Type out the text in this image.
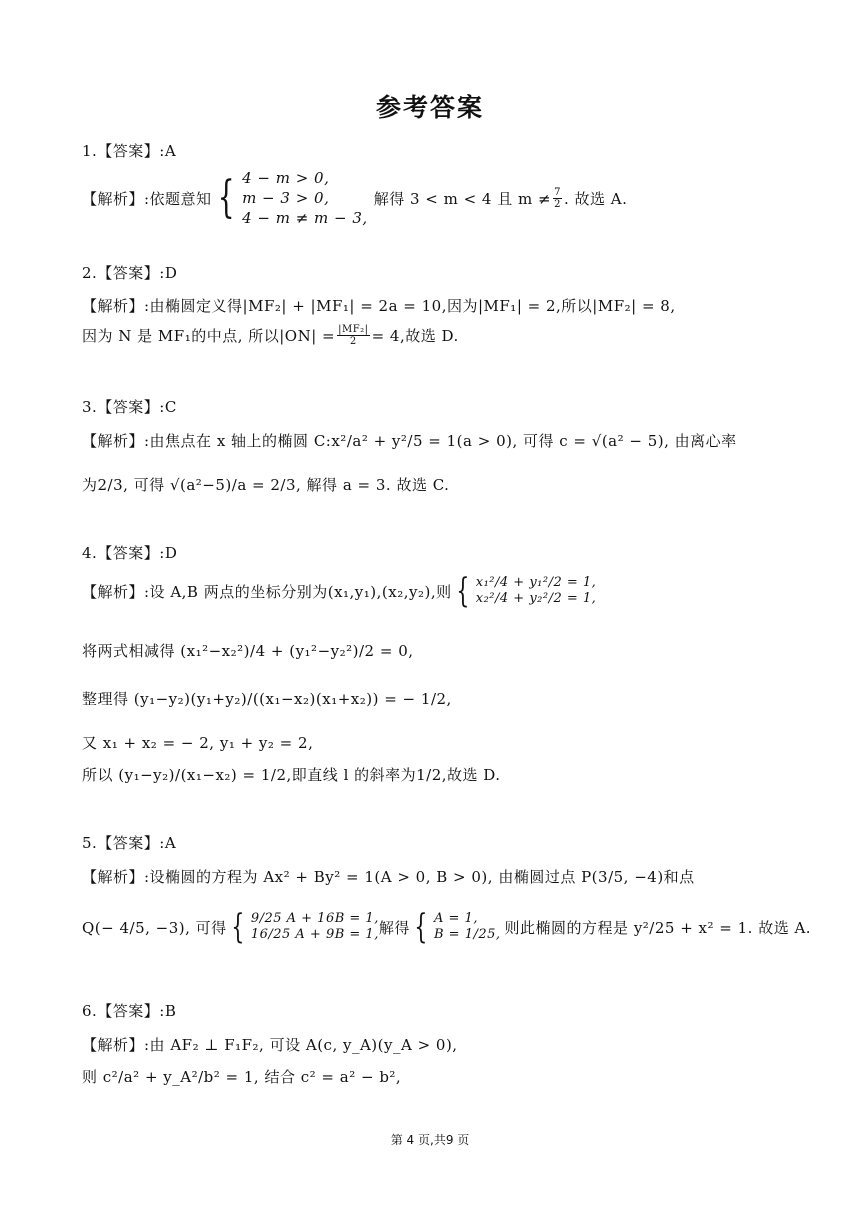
参考答案
1.【答案】:A
【解析】:依题意知 { 4 − m > 0,
m − 3 > 0,
4 − m ≠ m − 3,
解得 3 < m < 4 且 $m \ne \frac{7}{2}$ . 故选 A.
2.【答案】:D
【解析】:由椭圆定义得|MF₂| + |MF₁| = 2a = 10,因为|MF₁| = 2,所以|MF₂| = 8,
因为 N 是 MF₁的中点, 所以$|ON| = \frac{\text{|MF₂|}}{2} = 4$,故选 D.
3.【答案】:C
【解析】:由焦点在 x 轴上的椭圆 C:x²/a² + y²/5 = 1(a > 0), 可得 c = √(a² − 5), 由离心率
为2/3, 可得 √(a²−5)/a = 2/3, 解得 a = 3. 故选 C.
4.【答案】:D
【解析】:设 A,B 两点的坐标分别为(x₁,y₁),(x₂,y₂),则 { x₁²/4 + y₁²/2 = 1,
x₂²/4 + y₂²/2 = 1,
将两式相减得 (x₁²−x₂²)/4 + (y₁²−y₂²)/2 = 0,
整理得 (y₁−y₂)(y₁+y₂)/((x₁−x₂)(x₁+x₂)) = − 1/2,
又 x₁ + x₂ = − 2, y₁ + y₂ = 2,
所以 (y₁−y₂)/(x₁−x₂) = 1/2,即直线 l 的斜率为1/2,故选 D.
5.【答案】:A
【解析】:设椭圆的方程为 Ax² + By² = 1(A > 0, B > 0), 由椭圆过点 P(3/5, −4)和点
Q(− 4/5, −3), 可得 { 9/25 A + 16B = 1,
16/25 A + 9B = 1, 解得 { A = 1,
B = 1/25, 则此椭圆的方程是 y²/25 + x² = 1. 故选 A.
6.【答案】:B
【解析】:由 AF₂ ⊥ F₁F₂, 可设 A(c, y_A)(y_A > 0),
则 c²/a² + y_A²/b² = 1, 结合 c² = a² − b²,
第 4 页,共9 页
